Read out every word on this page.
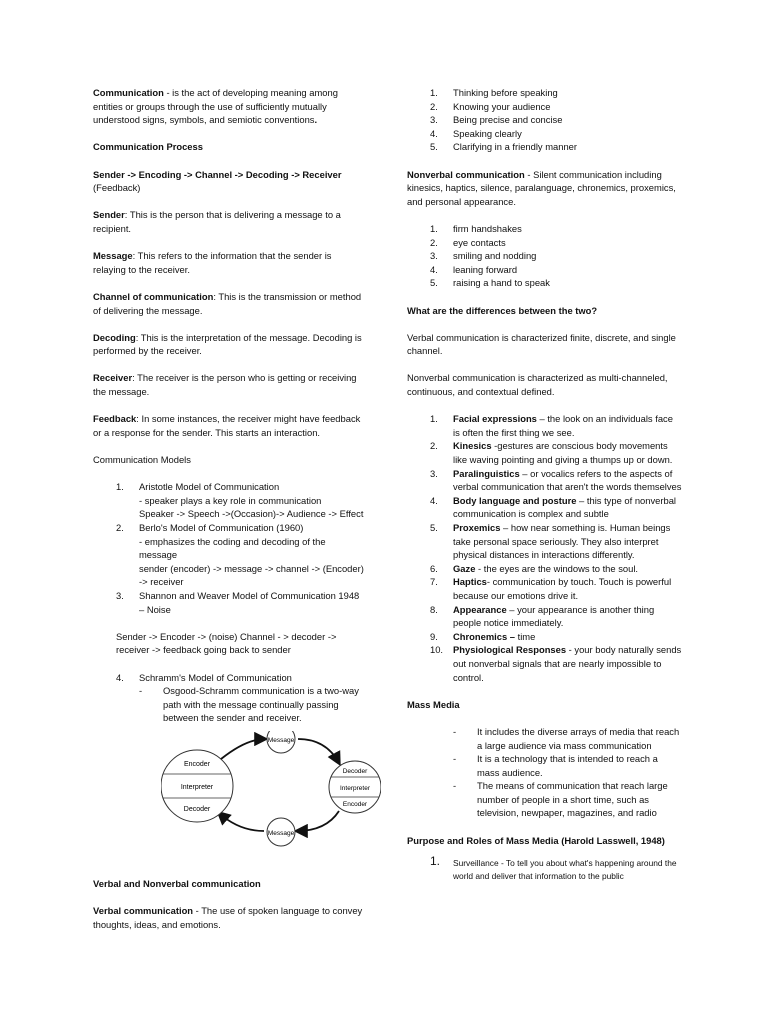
Communication - is the act of developing meaning among entities or groups through the use of sufficiently mutually understood signs, symbols, and semiotic conventions.

Communication Process

Sender -> Encoding -> Channel -> Decoding -> Receiver
(Feedback)

Sender: This is the person that is delivering a message to a recipient.

Message: This refers to the information that the sender is relaying to the receiver.

Channel of communication: This is the transmission or method of delivering the message.

Decoding: This is the interpretation of the message. Decoding is performed by the receiver.

Receiver: The receiver is the person who is getting or receiving the message.

Feedback: In some instances, the receiver might have feedback or a response for the sender. This starts an interaction.

Communication Models

1. Aristotle Model of Communication
- speaker plays a key role in communication
Speaker -> Speech ->(Occasion)-> Audience -> Effect
2. Berlo's Model of Communication (1960)
- emphasizes the coding and decoding of the message
sender (encoder) -> message -> channel -> (Encoder) -> receiver
3. Shannon and Weaver Model of Communication 1948 – Noise

Sender -> Encoder -> (noise) Channel - > decoder -> receiver -> feedback going back to sender

4. Schramm's Model of Communication
- Osgood-Schramm communication is a two-way path with the message continually passing between the sender and receiver.
Message
Message
Encoder
Interpreter
Decoder
Decoder
Interpreter
Encoder

Verbal and Nonverbal communication

Verbal communication - The use of spoken language to convey thoughts, ideas, and emotions.

1. Thinking before speaking
2. Knowing your audience
3. Being precise and concise
4. Speaking clearly
5. Clarifying in a friendly manner

Nonverbal communication - Silent communication including kinesics, haptics, silence, paralanguage, chronemics, proxemics, and personal appearance.

1. firm handshakes
2. eye contacts
3. smiling and nodding
4. leaning forward
5. raising a hand to speak

What are the differences between the two?

Verbal communication is characterized finite, discrete, and single channel.

Nonverbal communication is characterized as multi-channeled, continuous, and contextual defined.

1. Facial expressions – the look on an individuals face is often the first thing we see.
2. Kinesics -gestures are conscious body movements like waving pointing and giving a thumps up or down.
3. Paralinguistics – or vocalics refers to the aspects of verbal communication that aren't the words themselves
4. Body language and posture – this type of nonverbal communication is complex and subtle
5. Proxemics – how near something is. Human beings take personal space seriously. They also interpret physical distances in interactions differently.
6. Gaze - the eyes are the windows to the soul.
7. Haptics- communication by touch. Touch is powerful because our emotions drive it.
8. Appearance – your appearance is another thing people notice immediately.
9. Chronemics – time
10. Physiological Responses - your body naturally sends out nonverbal signals that are nearly impossible to control.

Mass Media

- It includes the diverse arrays of media that reach a large audience via mass communication
- It is a technology that is intended to reach a mass audience.
- The means of communication that reach large number of people in a short time, such as television, newpaper, magazines, and radio

Purpose and Roles of Mass Media (Harold Lasswell, 1948)

1. Surveillance - To tell you about what's happening around the world and deliver that information to the public
